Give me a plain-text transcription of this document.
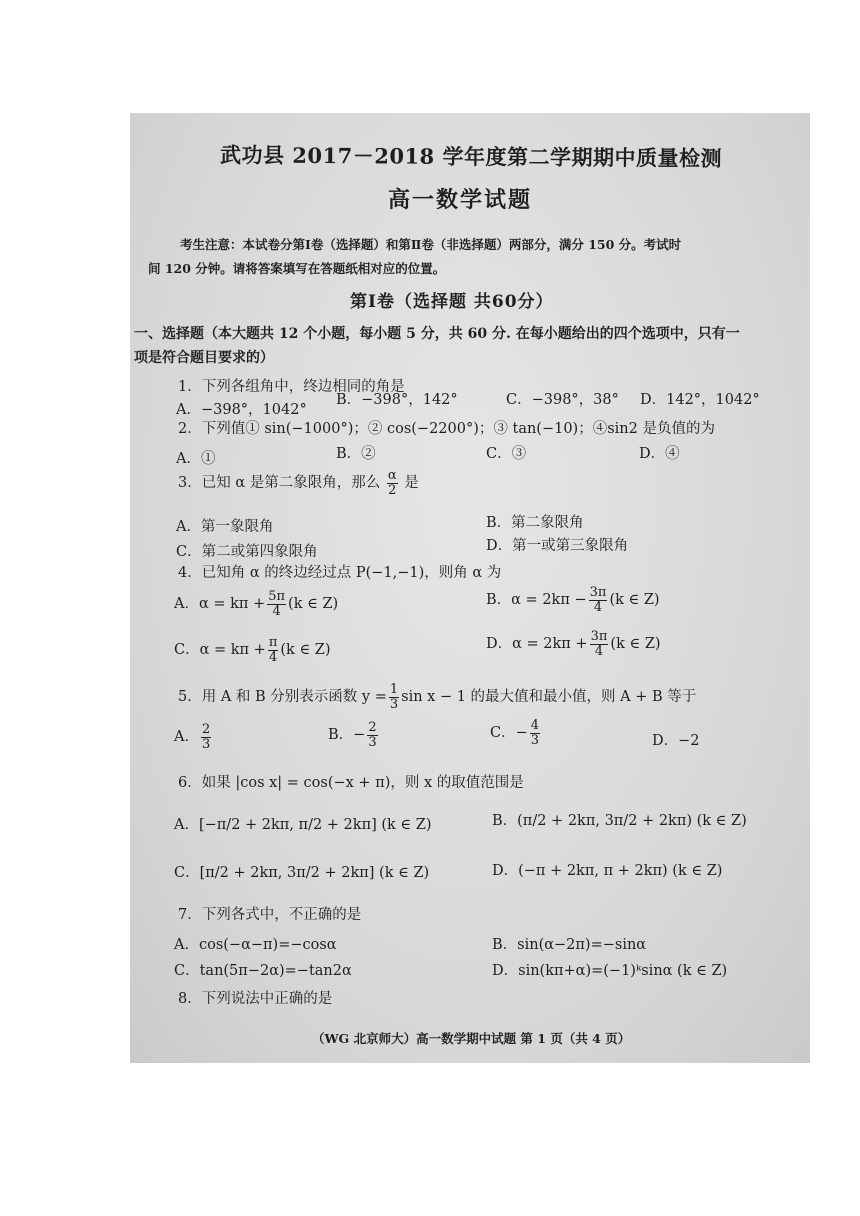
武功县 2017－2018 学年度第二学期期中质量检测
高一数学试题
考生注意：本试卷分第Ⅰ卷（选择题）和第Ⅱ卷（非选择题）两部分，满分 150 分。考试时
间 120 分钟。请将答案填写在答题纸相对应的位置。
第Ⅰ卷（选择题 共60分）
一、选择题（本大题共 12 个小题，每小题 5 分，共 60 分. 在每小题给出的四个选项中，只有一
项是符合题目要求的）
1．下列各组角中，终边相同的角是
A．−398°，1042°
B．−398°，142°	C．−398°，38° D．142°，1042°
2．下列值① sin(−1000°)；② cos(−2200°)；③ tan(−10)；④sin2 是负值的为
A．①	B．②	C．③	D．④
3．已知 α 是第二象限角，那么 $\frac{\alpha}{2}$ 是
A．第一象限角	B．第二象限角
C．第二或第四象限角	D．第一或第三象限角
4．已知角 α 的终边经过点 P(−1,−1)，则角 α 为
A．$\alpha = k\pi + \frac{5\pi}{4} (k$ ∈ Z)	B．$\alpha = 2k\pi - \frac{3\pi}{4} (k$ ∈ Z)
C．$\alpha = k\pi + \frac{\pi}{4} (k$ ∈ Z)	D．$\alpha = 2k\pi + \frac{3\pi}{4} (k$ ∈ Z)
5．用 A 和 B 分别表示函数 $y = \frac{1}{3}$ sin x − 1 的最大值和最小值，则 A + B 等于
A． $\frac{2}{3}$	B．− $\frac{2}{3}$	C．− $\frac{4}{3}$	D．−2
6．如果 |cos x| = cos(−x + π)，则 x 的取值范围是
A．[−π/2 + 2kπ, π/2 + 2kπ] (k ∈ Z)	B．(π/2 + 2kπ, 3π/2 + 2kπ) (k ∈ Z)
C．[π/2 + 2kπ, 3π/2 + 2kπ] (k ∈ Z)	D．(−π + 2kπ, π + 2kπ) (k ∈ Z)
7．下列各式中，不正确的是
A．cos(−α−π)=−cosα	B．sin(α−2π)=−sinα
C．tan(5π−2α)=−tan2α	D．sin(kπ+α)=(−1)ᵏsinα (k ∈ Z)
8．下列说法中正确的是
（WG 北京师大）高一数学期中试题 第 1 页（共 4 页）
